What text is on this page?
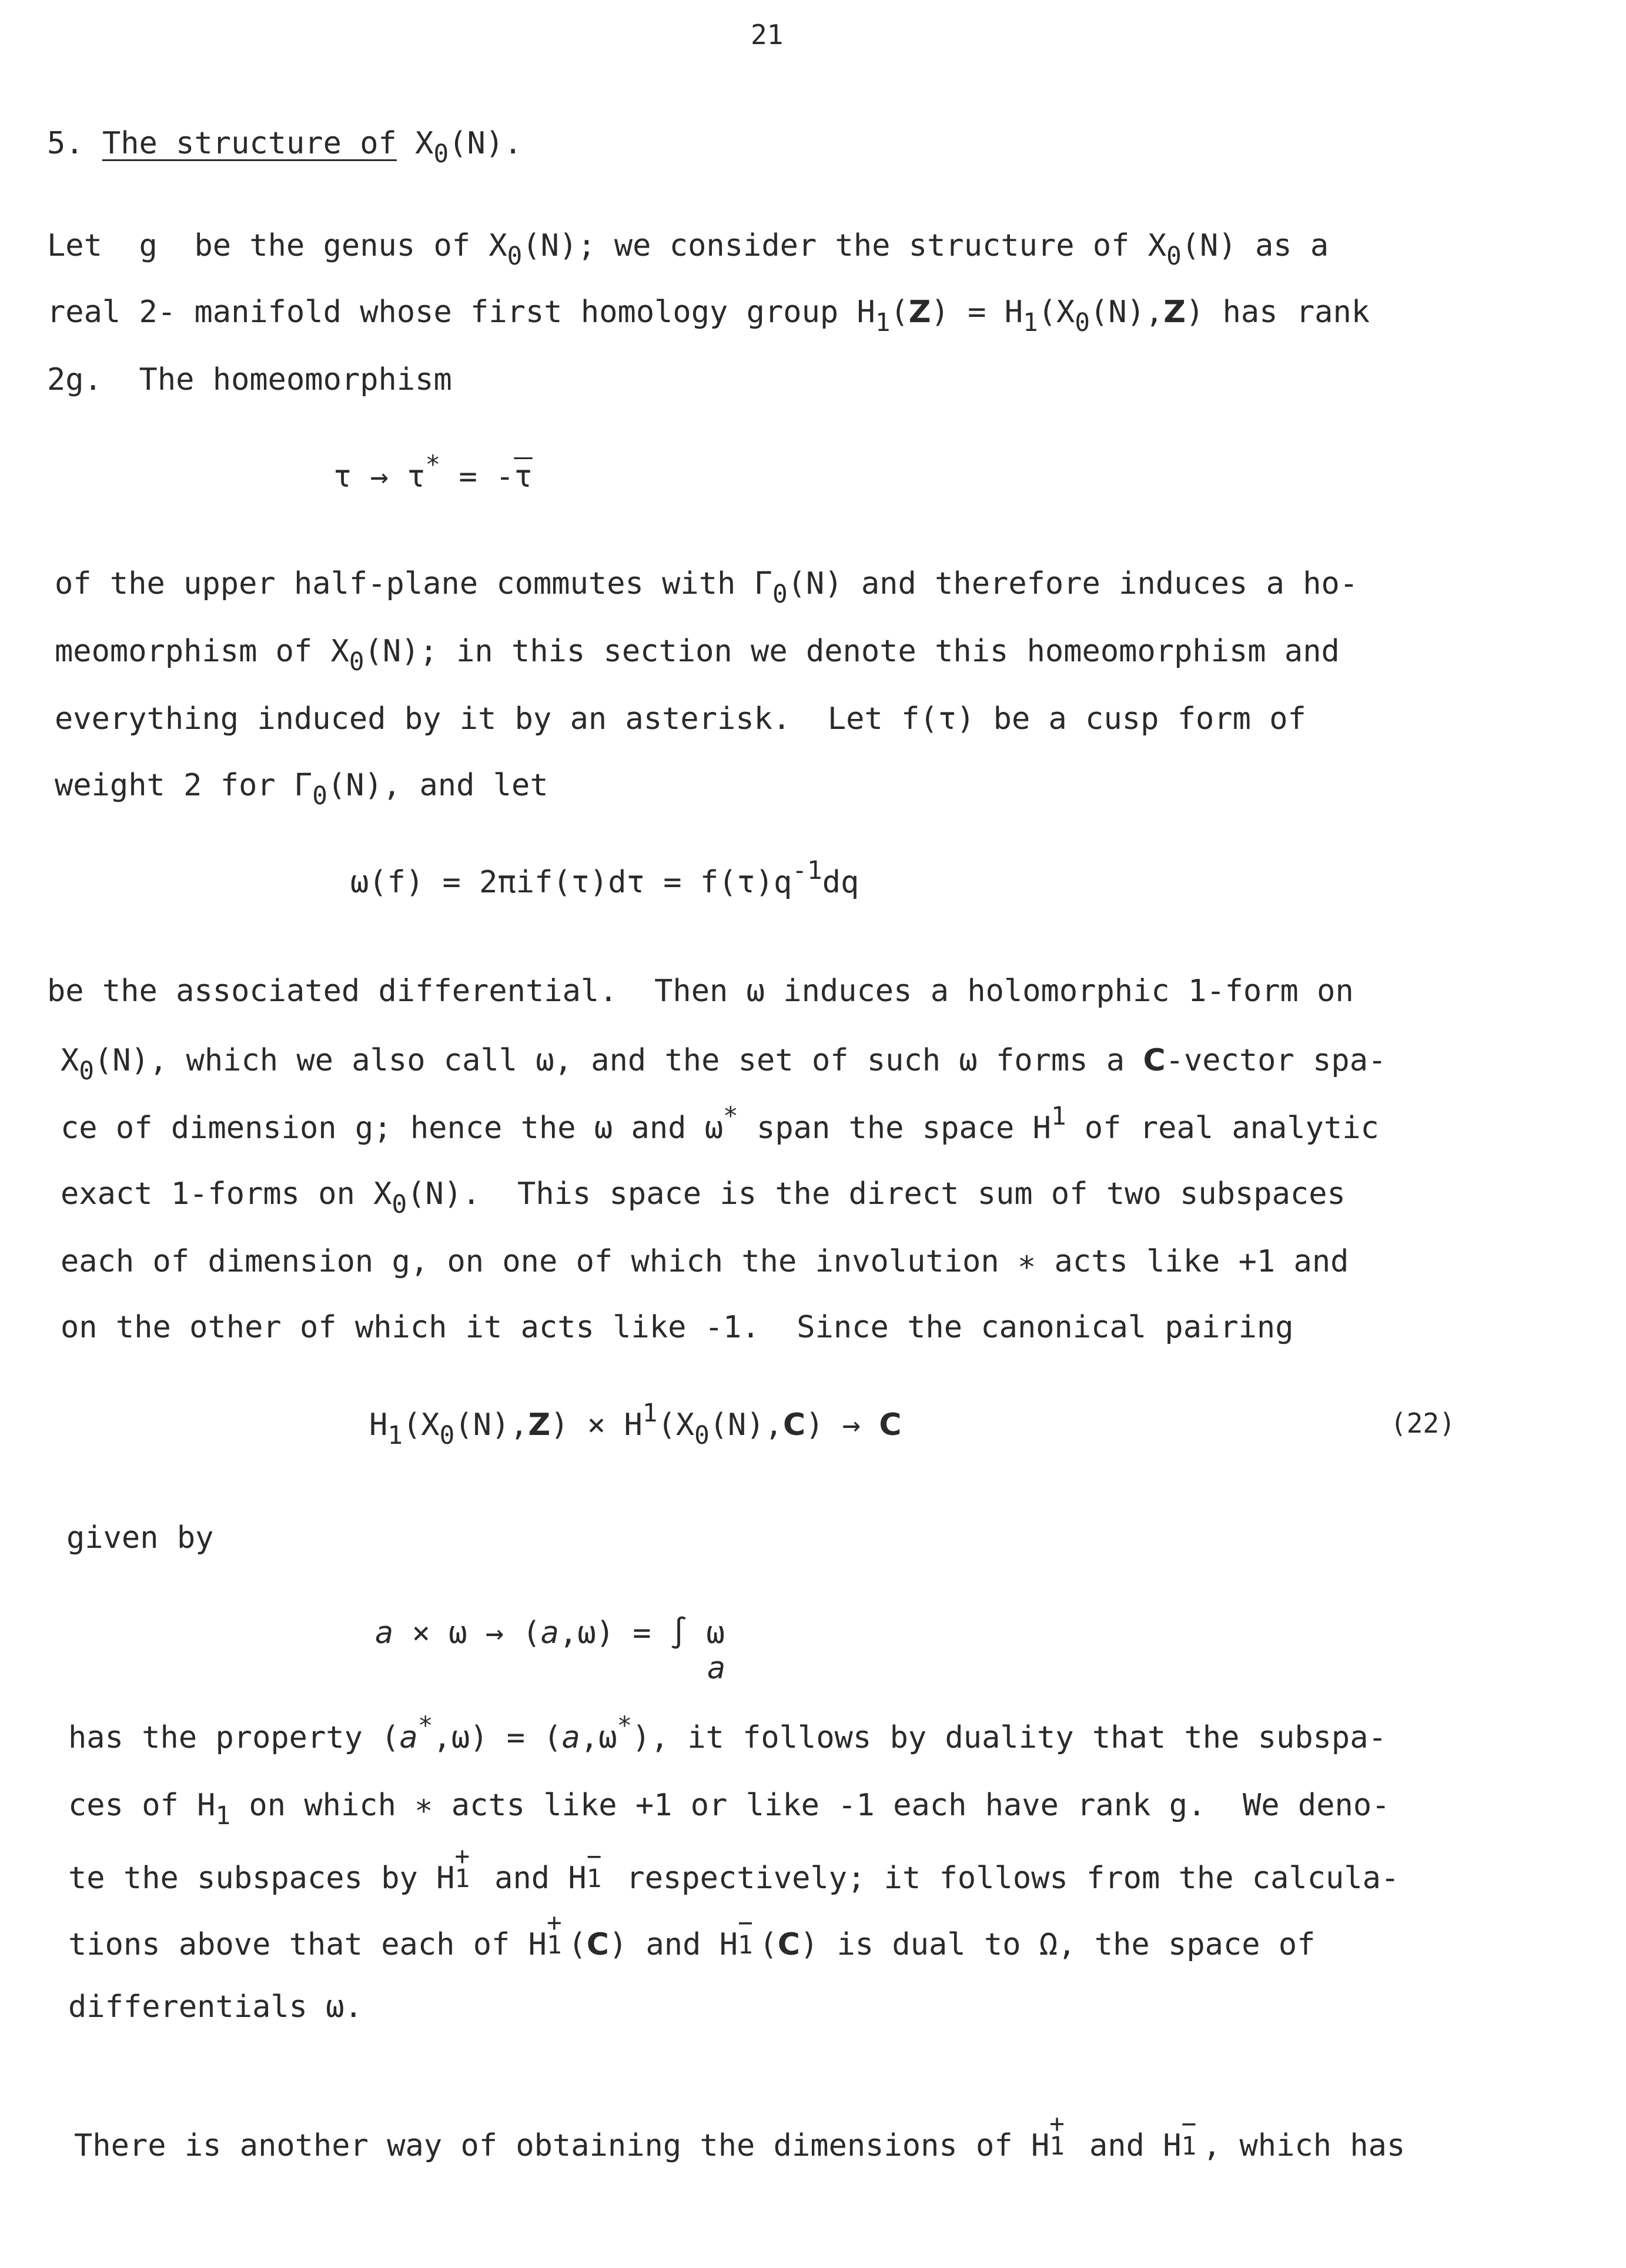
21
5. The structure of $X_0(N)$.
Let  g  be the genus of $X_0(N)$; we consider the structure of $X_0(N)$ as a
real 2- manifold whose first homology group $H_1(Z) = H_1(X_0(N),Z)$ has rank
2g.  The homeomorphism
$\tau \to \tau^* = -\overline{\tau}$
of the upper half-plane commutes with $\Gamma_0(N)$ and therefore induces a ho-
meomorphism of $X_0(N)$; in this section we denote this homeomorphism and
everything induced by it by an asterisk.  Let f(τ) be a cusp form of
weight 2 for $\Gamma_0(N)$, and let
$\omega(f) = 2\pi if(\tau)d\tau = f(\tau)q^{-1}dq$
be the associated differential.  Then ω induces a holomorphic 1-form on
$X_0(N)$, which we also call ω, and the set of such ω forms a C-vector spa-
ce of dimension g; hence the ω and ω* span the space $H^1$ of real analytic
exact 1-forms on $X_0(N)$.  This space is the direct sum of two subspaces
each of dimension g, on one of which the involution ∗ acts like +1 and
on the other of which it acts like -1.  Since the canonical pairing
$H_1(X_0(N),Z) \times H^1(X_0(N),C) \to C$	(22)
given by
a × ω → (a,ω) = ∫ ω
a
has the property (a*,ω) = (a,ω*), it follows by duality that the subspa-
ces of $H_1$ on which ∗ acts like +1 or like -1 each have rank g.  We deno-
te the subspaces by H
+
1 and H
−
1 respectively; it follows from the calcula-
tions above that each of H
+
1 (C) and H
−
1 (C) is dual to Ω, the space of
differentials ω.
There is another way of obtaining the dimensions of H
+
1 and H
−
1 , which has
